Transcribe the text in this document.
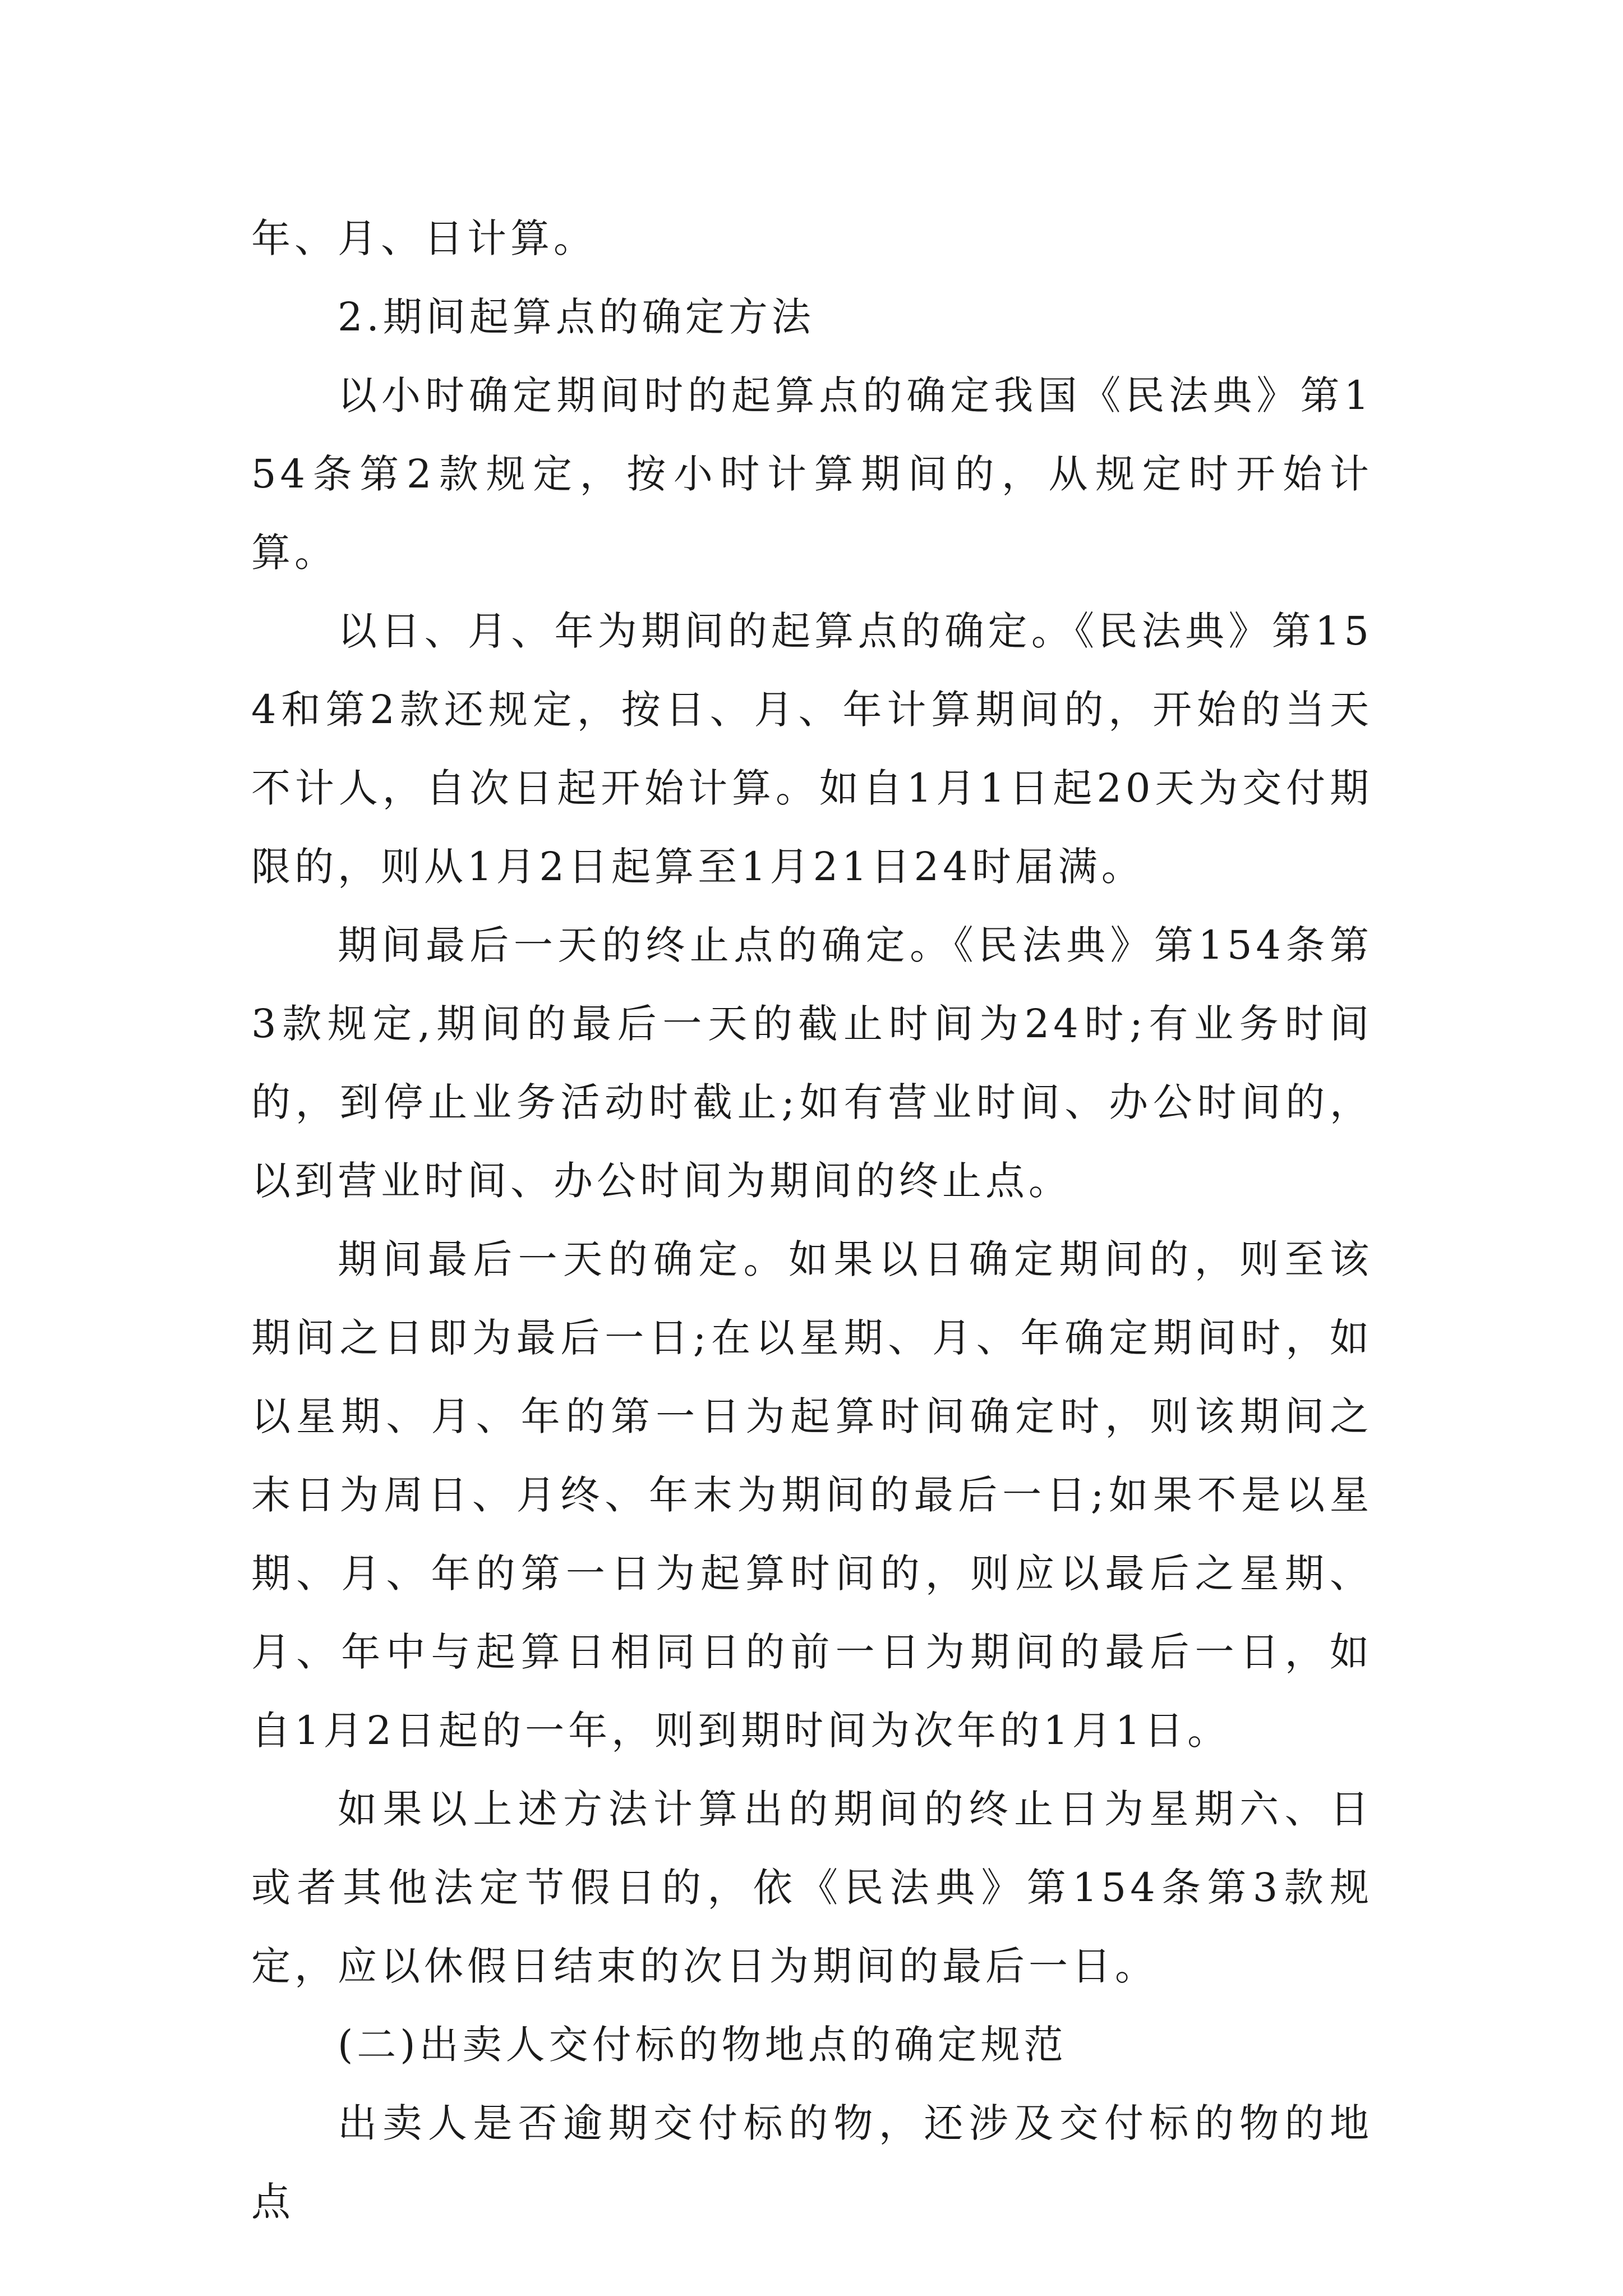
年、月、日计算。

2.期间起算点的确定方法

以小时确定期间时的起算点的确定我国《民法典》第154条第2款规定，按小时计算期间的，从规定时开始计算。

以日、月、年为期间的起算点的确定。《民法典》第154和第2款还规定，按日、月、年计算期间的，开始的当天不计人，自次日起开始计算。如自1月1日起20天为交付期限的，则从1月2日起算至1月21日24时届满。

期间最后一天的终止点的确定。《民法典》第154条第3款规定,期间的最后一天的截止时间为24时;有业务时间的，到停止业务活动时截止;如有营业时间、办公时间的，以到营业时间、办公时间为期间的终止点。

期间最后一天的确定。如果以日确定期间的，则至该期间之日即为最后一日;在以星期、月、年确定期间时，如以星期、月、年的第一日为起算时间确定时，则该期间之末日为周日、月终、年末为期间的最后一日;如果不是以星期、月、年的第一日为起算时间的，则应以最后之星期、月、年中与起算日相同日的前一日为期间的最后一日，如自1月2日起的一年，则到期时间为次年的1月1日。

如果以上述方法计算出的期间的终止日为星期六、日或者其他法定节假日的，依《民法典》第154条第3款规定，应以休假日结束的次日为期间的最后一日。

(二)出卖人交付标的物地点的确定规范

出卖人是否逾期交付标的物，还涉及交付标的物的地点
